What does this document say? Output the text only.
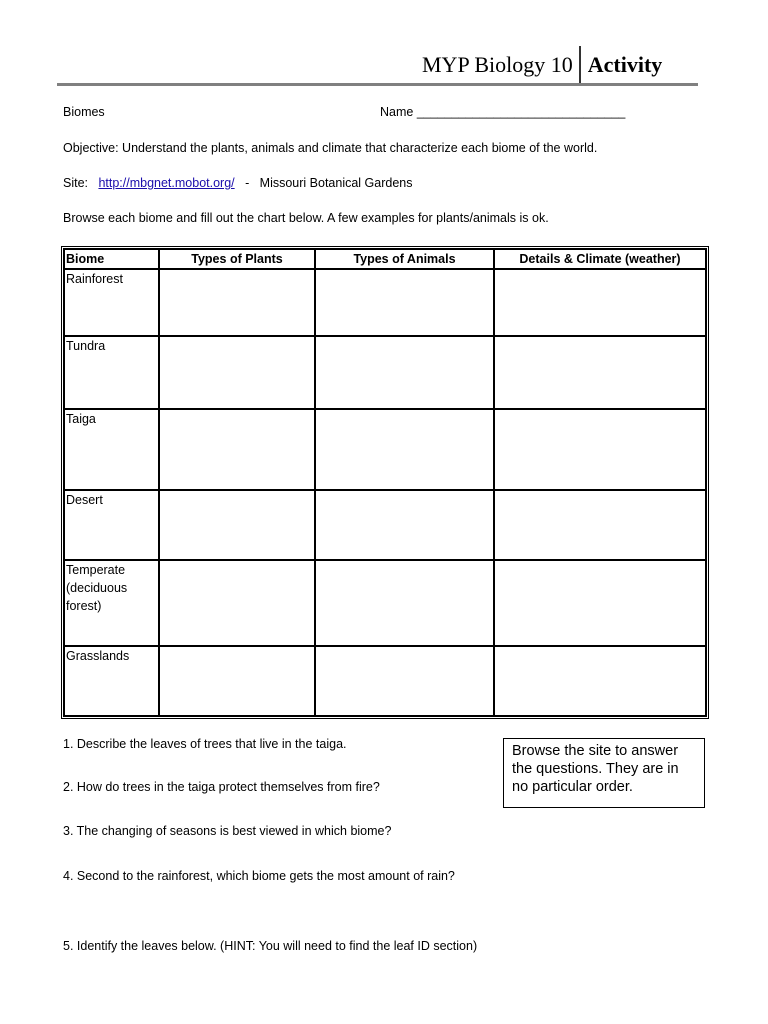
MYP Biology 10 Activity
Biomes	Name ______________________________
Objective: Understand the plants, animals and climate that characterize each biome of the world.
Site: http://mbgnet.mobot.org/ - Missouri Botanical Gardens
Browse each biome and fill out the chart below. A few examples for plants/animals is ok.
Biome	Types of Plants	Types of Animals	Details & Climate (weather)
Rainforest			
Tundra			
Taiga			
Desert			
Temperate (deciduous forest)			
Grasslands			
1. Describe the leaves of trees that live in the taiga.
2. How do trees in the taiga protect themselves from fire?
3. The changing of seasons is best viewed in which biome?
4. Second to the rainforest, which biome gets the most amount of rain?
5. Identify the leaves below. (HINT: You will need to find the leaf ID section)
Browse the site to answer the questions. They are in no particular order.
